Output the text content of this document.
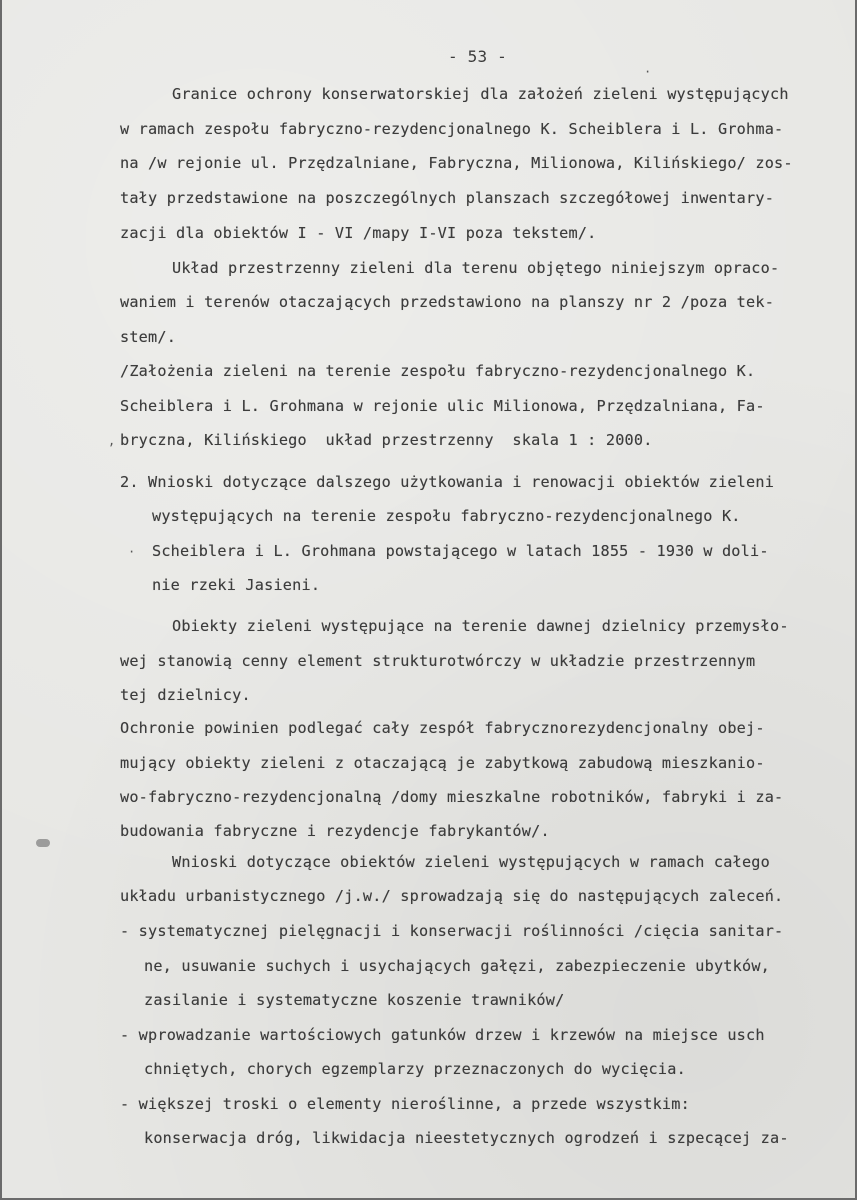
- 53 -
Granice ochrony konserwatorskiej dla założeń zieleni występujących
w ramach zespołu fabryczno-rezydencjonalnego K. Scheiblera i L. Grohma-
na /w rejonie ul. Przędzalniane, Fabryczna, Milionowa, Kilińskiego/ zos-
tały przedstawione na poszczególnych planszach szczegółowej inwentary-
zacji dla obiektów I - VI /mapy I-VI poza tekstem/.
Układ przestrzenny zieleni dla terenu objętego niniejszym opraco-
waniem i terenów otaczających przedstawiono na planszy nr 2 /poza tek-
stem/.
/Założenia zieleni na terenie zespołu fabryczno-rezydencjonalnego K.
Scheiblera i L. Grohmana w rejonie ulic Milionowa, Przędzalniana, Fa-
bryczna, Kilińskiego  układ przestrzenny  skala 1 : 2000.
2. Wnioski dotyczące dalszego użytkowania i renowacji obiektów zieleni
występujących na terenie zespołu fabryczno-rezydencjonalnego K.
Scheiblera i L. Grohmana powstającego w latach 1855 - 1930 w doli-
nie rzeki Jasieni.
Obiekty zieleni występujące na terenie dawnej dzielnicy przemysło-
wej stanowią cenny element strukturotwórczy w układzie przestrzennym
tej dzielnicy.
Ochronie powinien podlegać cały zespół fabrycznorezydencjonalny obej-
mujący obiekty zieleni z otaczającą je zabytkową zabudową mieszkanio-
wo-fabryczno-rezydencjonalną /domy mieszkalne robotników, fabryki i za-
budowania fabryczne i rezydencje fabrykantów/.
Wnioski dotyczące obiektów zieleni występujących w ramach całego
układu urbanistycznego /j.w./ sprowadzają się do następujących zaleceń.
- systematycznej pielęgnacji i konserwacji roślinności /cięcia sanitar-
ne, usuwanie suchych i usychających gałęzi, zabezpieczenie ubytków,
zasilanie i systematyczne koszenie trawników/
- wprowadzanie wartościowych gatunków drzew i krzewów na miejsce usch
chniętych, chorych egzemplarzy przeznaczonych do wycięcia.
- większej troski o elementy nieroślinne, a przede wszystkim:
konserwacja dróg, likwidacja nieestetycznych ogrodzeń i szpecącej za-
,
·
·
